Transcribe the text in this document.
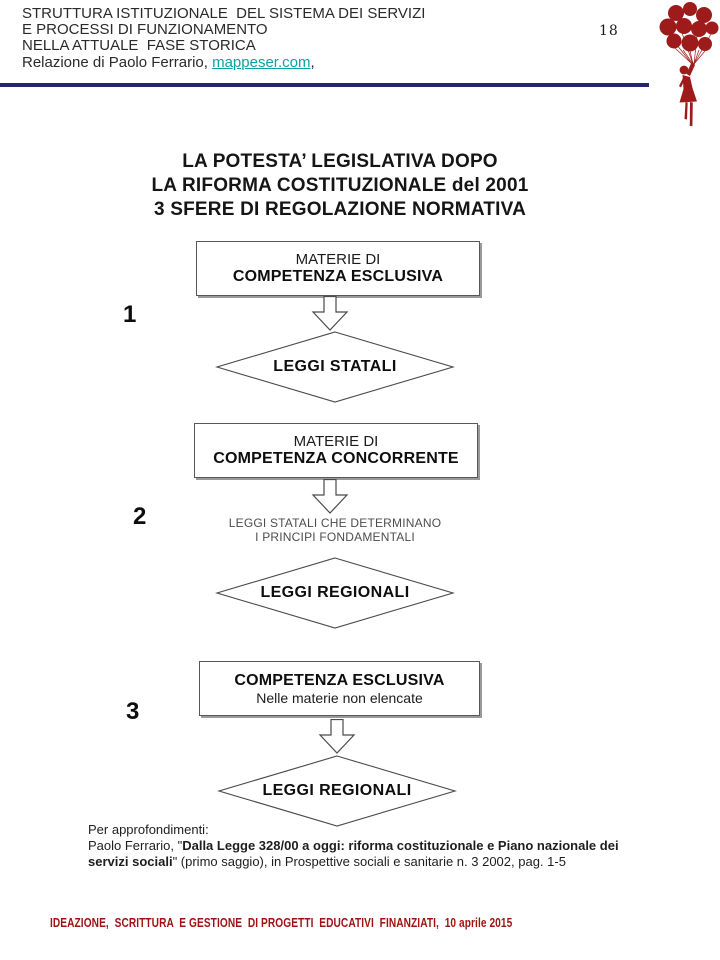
STRUTTURA ISTITUZIONALE  DEL SISTEMA DEI SERVIZI
E PROCESSI DI FUNZIONAMENTO
NELLA ATTUALE  FASE STORICA
Relazione di Paolo Ferrario, mappeser.com,
18
LA POTESTA’ LEGISLATIVA DOPO
LA RIFORMA COSTITUZIONALE del 2001
3 SFERE DI REGOLAZIONE NORMATIVA
1
MATERIE DI
COMPETENZA ESCLUSIVA
LEGGI STATALI
2
MATERIE DI
COMPETENZA CONCORRENTE
LEGGI STATALI CHE DETERMINANO
I PRINCIPI FONDAMENTALI
LEGGI REGIONALI
3
COMPETENZA ESCLUSIVA
Nelle materie non elencate
LEGGI REGIONALI
Per approfondimenti:
Paolo Ferrario, "Dalla Legge 328/00 a oggi: riforma costituzionale e Piano nazionale dei
servizi sociali" (primo saggio), in Prospettive sociali e sanitarie n. 3 2002, pag. 1-5
IDEAZIONE,  SCRITTURA  E GESTIONE  DI PROGETTI  EDUCATIVI  FINANZIATI,  10 aprile 2015
